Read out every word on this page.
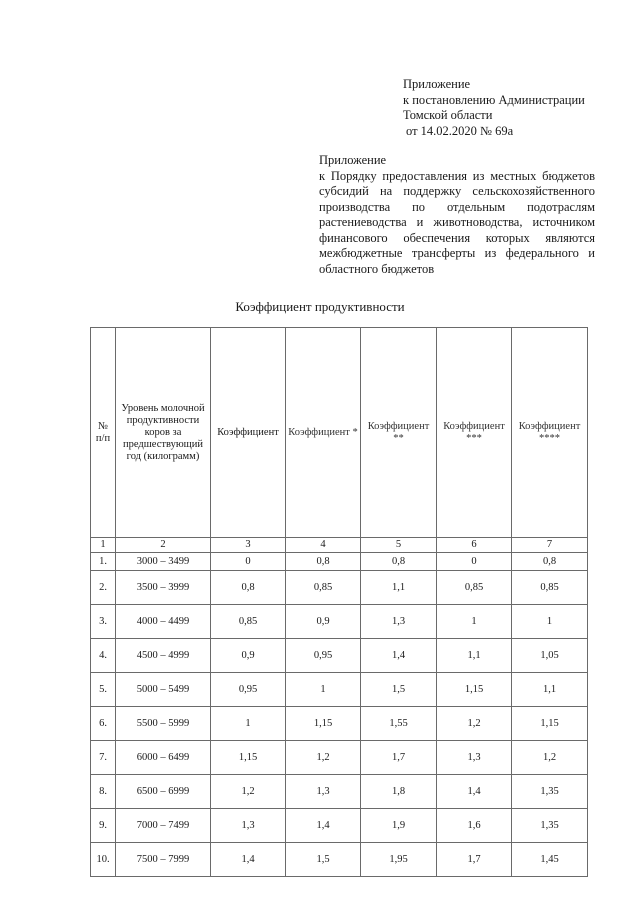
Приложение
к постановлению Администрации
Томской области
от 14.02.2020 № 69а
Приложение
к Порядку предоставления из местных бюджетов субсидий на поддержку сельскохозяйственного производства по отдельным подотраслям растениеводства и животноводства, источником финансового обеспечения которых являются межбюджетные трансферты из федерального и областного бюджетов
Коэффициент продуктивности
№ п/п	Уровень молочной продуктивности коров за предшествующий год (килограмм)	Коэффициент	Коэффициент *	Коэффициент **	Коэффициент ***	Коэффициент ****
1	2	3	4	5	6	7
1.	3000 – 3499	0	0,8	0,8	0	0,8
2.	3500 – 3999	0,8	0,85	1,1	0,85	0,85
3.	4000 – 4499	0,85	0,9	1,3	1	1
4.	4500 – 4999	0,9	0,95	1,4	1,1	1,05
5.	5000 – 5499	0,95	1	1,5	1,15	1,1
6.	5500 – 5999	1	1,15	1,55	1,2	1,15
7.	6000 – 6499	1,15	1,2	1,7	1,3	1,2
8.	6500 – 6999	1,2	1,3	1,8	1,4	1,35
9.	7000 – 7499	1,3	1,4	1,9	1,6	1,35
10.	7500 – 7999	1,4	1,5	1,95	1,7	1,45
